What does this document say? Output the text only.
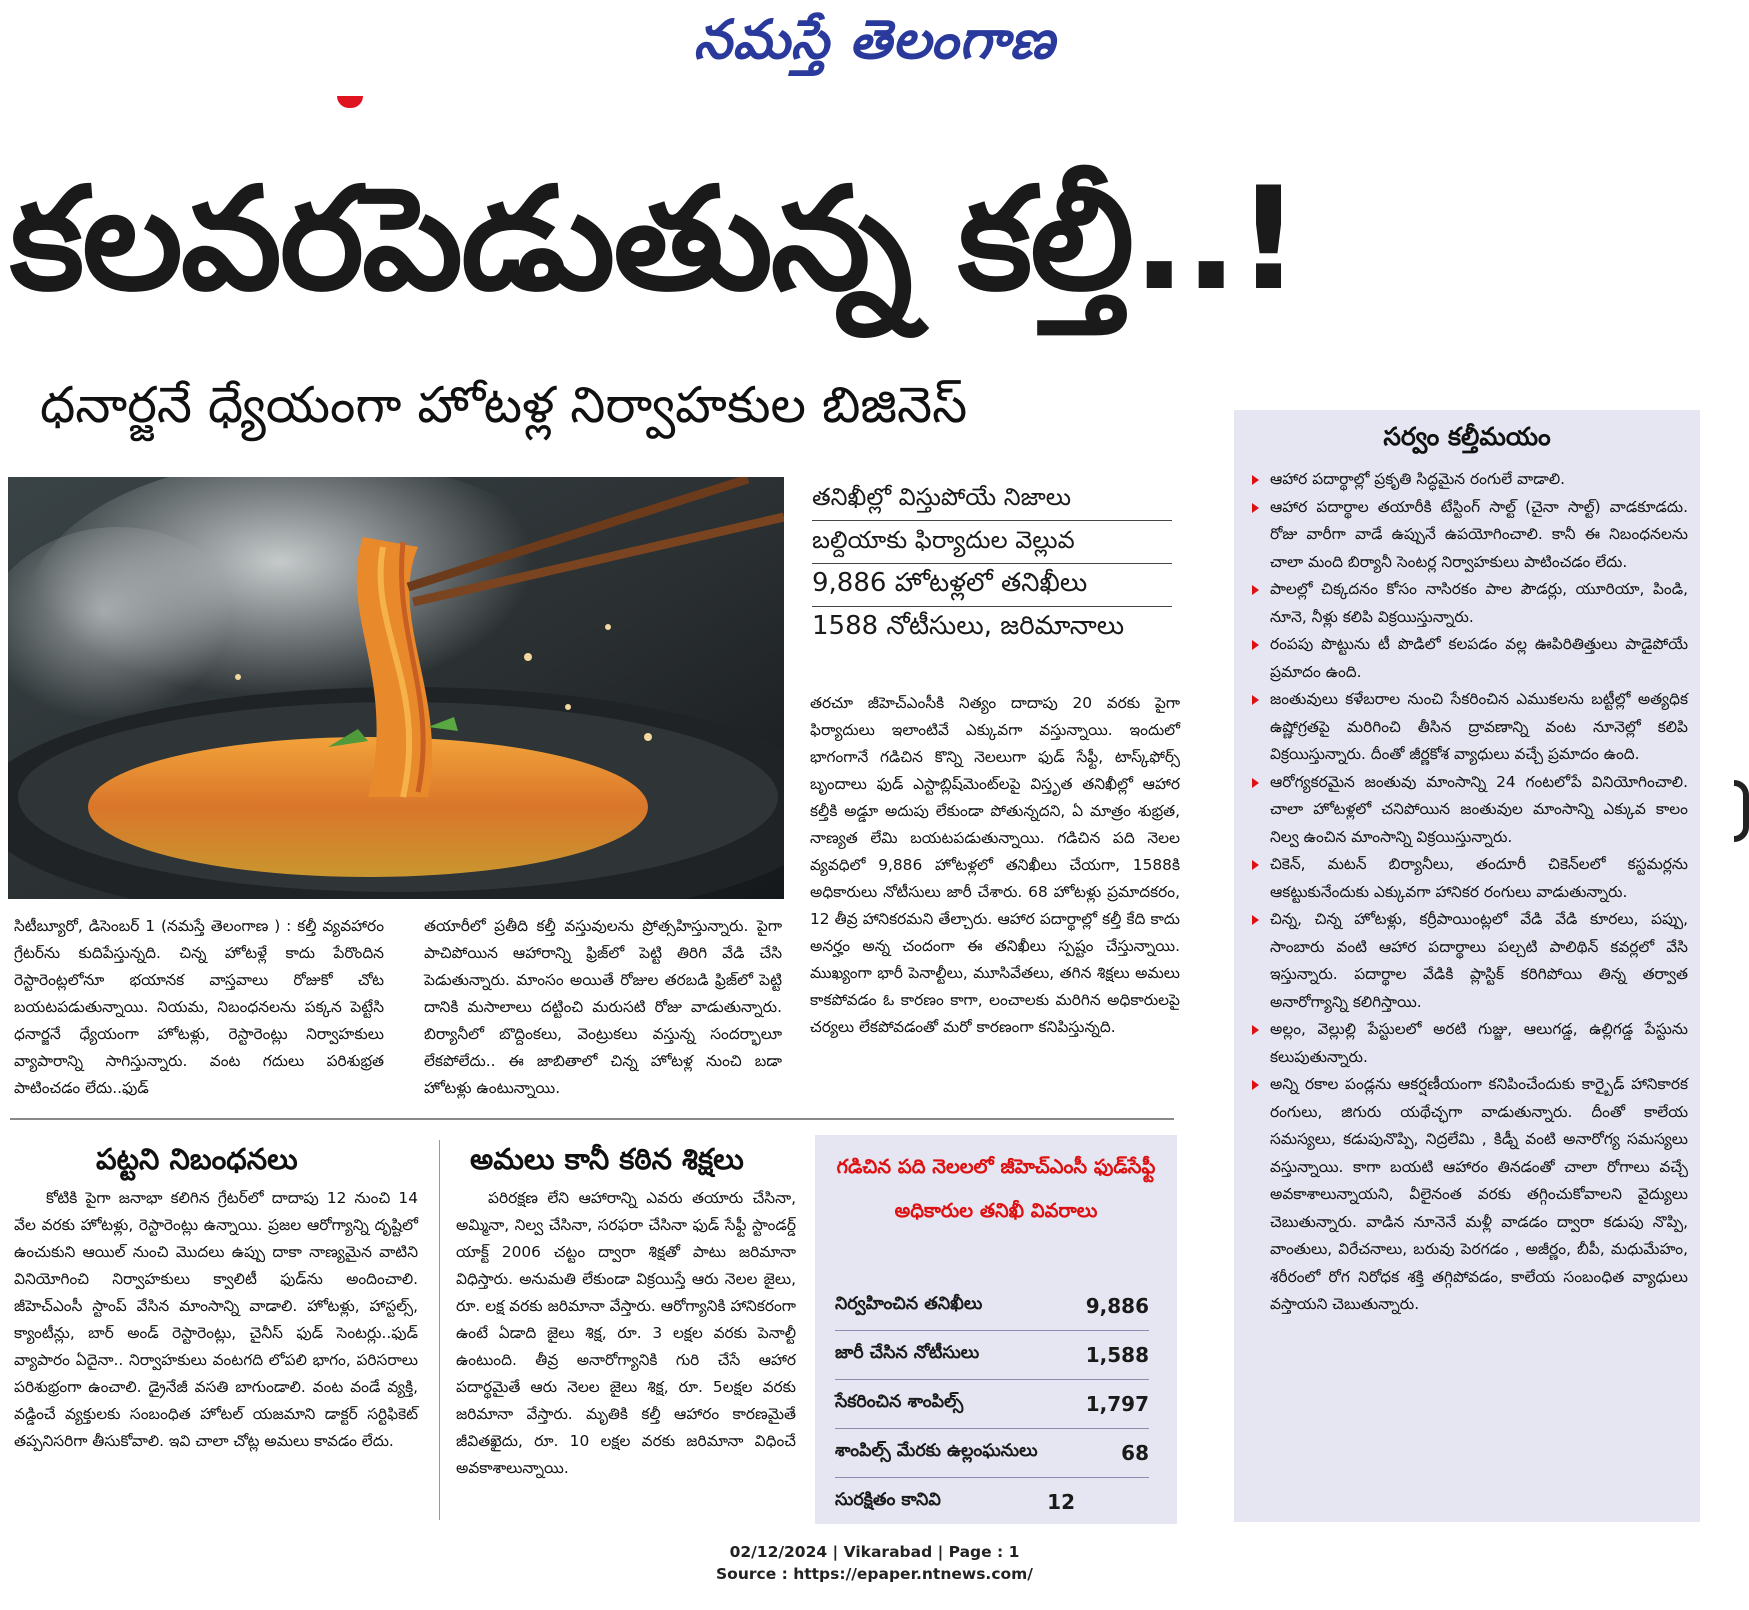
నమస్తే తెలంగాణ
కలవరపెడుతున్న కల్తీ..!
ధనార్జనే ధ్యేయంగా హోటళ్ల నిర్వాహకుల బిజినెస్
తనిఖీల్లో విస్తుపోయే నిజాలు
బల్దియాకు ఫిర్యాదుల వెల్లువ
9,886 హోటళ్లలో తనిఖీలు
1588 నోటీసులు, జరిమానాలు
తరచూ జీహెచ్‌ఎంసీకి నిత్యం దాదాపు 20 వరకు పైగా ఫిర్యాదులు ఇలాంటివే ఎక్కువగా వస్తున్నాయి. ఇందులో భాగంగానే గడిచిన కొన్ని నెలలుగా ఫుడ్ సేఫ్టీ, టాస్క్‌ఫోర్స్ బృందాలు ఫుడ్ ఎస్టాబ్లిష్‌మెంట్‌లపై విస్తృత తనిఖీల్లో ఆహార కల్తీకి అడ్డూ అదుపు లేకుండా పోతున్నదని, ఏ మాత్రం శుభ్రత, నాణ్యత లేమి బయటపడుతున్నాయి. గడిచిన పది నెలల వ్యవధిలో 9,886 హోటళ్లలో తనిఖీలు చేయగా, 1588కి అధికారులు నోటీసులు జారీ చేశారు. 68 హోటళ్లు ప్రమాదకరం, 12 తీవ్ర హానికరమని తేల్చారు. ఆహార పదార్థాల్లో కల్తీ కేది కాదు అనర్హం అన్న చందంగా ఈ తనిఖీలు స్పష్టం చేస్తున్నాయి. ముఖ్యంగా భారీ పెనాల్టీలు, మూసివేతలు, తగిన శిక్షలు అమలు కాకపోవడం ఓ కారణం కాగా, లంచాలకు మరిగిన అధికారులపై చర్యలు లేకపోవడంతో మరో కారణంగా కనిపిస్తున్నది.
సిటీబ్యూరో, డిసెంబర్ 1 (నమస్తే తెలంగాణ ) : కల్తీ వ్యవహారం గ్రేటర్‌ను కుదిపేస్తున్నది. చిన్న హోటళ్లే కాదు పేరొందిన రెస్టారెంట్లలోనూ భయానక వాస్తవాలు రోజుకో చోట బయటపడుతున్నాయి. నియమ, నిబంధనలను పక్కన పెట్టేసి ధనార్జనే ధ్యేయంగా హోటళ్లు, రెస్టారెంట్లు నిర్వాహకులు వ్యాపారాన్ని సాగిస్తున్నారు. వంట గదులు పరిశుభ్రత పాటించడం లేదు..ఫుడ్
తయారీలో ప్రతీది కల్తీ వస్తువులను ప్రోత్సహిస్తున్నారు. పైగా పాచిపోయిన ఆహారాన్ని ఫ్రిజ్‌లో పెట్టి తిరిగి వేడి చేసి పెడుతున్నారు. మాంసం అయితే రోజుల తరబడి ఫ్రిజ్‌లో పెట్టి దానికి మసాలాలు దట్టించి మరుసటి రోజు వాడుతున్నారు. బిర్యానీలో బొద్దింకలు, వెంట్రుకలు వస్తున్న సందర్భాలూ లేకపోలేదు.. ఈ జాబితాలో చిన్న హోటళ్ల నుంచి బడా హోటళ్లు ఉంటున్నాయి.
పట్టని నిబంధనలు
కోటికి పైగా జనాభా కలిగిన గ్రేటర్‌లో దాదాపు 12 నుంచి 14 వేల వరకు హోటళ్లు, రెస్టారెంట్లు ఉన్నాయి. ప్రజల ఆరోగ్యాన్ని దృష్టిలో ఉంచుకుని ఆయిల్ నుంచి మొదలు ఉప్పు దాకా నాణ్యమైన వాటిని వినియోగించి నిర్వాహకులు క్వాలిటీ ఫుడ్‌ను అందించాలి. జీహెచ్‌ఎంసీ స్టాంప్ వేసిన మాంసాన్ని వాడాలి. హోటళ్లు, హాస్టల్స్, క్యాంటీన్లు, బార్ అండ్ రెస్టారెంట్లు, చైనీస్ ఫుడ్ సెంటర్లు..ఫుడ్ వ్యాపారం ఏదైనా.. నిర్వాహకులు వంటగది లోపలి భాగం, పరిసరాలు పరిశుభ్రంగా ఉంచాలి. డ్రైనేజీ వసతి బాగుండాలి. వంట వండే వ్యక్తి, వడ్డించే వ్యక్తులకు సంబంధిత హోటల్ యజమాని డాక్టర్ సర్టిఫికెట్ తప్పనిసరిగా తీసుకోవాలి. ఇవి చాలా చోట్ల అమలు కావడం లేదు.
అమలు కానీ కఠిన శిక్షలు
పరిరక్షణ లేని ఆహారాన్ని ఎవరు తయారు చేసినా, అమ్మినా, నిల్వ చేసినా, సరఫరా చేసినా ఫుడ్ సేఫ్టీ స్టాండర్డ్ యాక్ట్ 2006 చట్టం ద్వారా శిక్షతో పాటు జరిమానా విధిస్తారు. అనుమతి లేకుండా విక్రయిస్తే ఆరు నెలల జైలు, రూ. లక్ష వరకు జరిమానా వేస్తారు. ఆరోగ్యానికి హానికరంగా ఉంటే ఏడాది జైలు శిక్ష, రూ. 3 లక్షల వరకు పెనాల్టీ ఉంటుంది. తీవ్ర అనారోగ్యానికి గురి చేసే ఆహార పదార్థమైతే ఆరు నెలల జైలు శిక్ష, రూ. 5లక్షల వరకు జరిమానా వేస్తారు. మృతికి కల్తీ ఆహారం కారణమైతే జీవితఖైదు, రూ. 10 లక్షల వరకు జరిమానా విధించే అవకాశాలున్నాయి.
గడిచిన పది నెలలలో జీహెచ్‌ఎంసీ ఫుడ్‌సేఫ్టీ అధికారుల తనిఖీ వివరాలు
నిర్వహించిన తనిఖీలు	9,886
జారీ చేసిన నోటీసులు	1,588
సేకరించిన శాంపిల్స్	1,797
శాంపిల్స్ మేరకు ఉల్లంఘనులు	68
సురక్షితం కానివి	12
సర్వం కల్తీమయం
ఆహార పదార్థాల్లో ప్రకృతి సిద్ధమైన రంగులే వాడాలి.
ఆహార పదార్థాల తయారీకి టేస్టింగ్ సాల్ట్ (చైనా సాల్ట్) వాడకూడదు. రోజు వారీగా వాడే ఉప్పునే ఉపయోగించాలి. కానీ ఈ నిబంధనలను చాలా మంది బిర్యానీ సెంటర్ల నిర్వాహకులు పాటించడం లేదు.
పాలల్లో చిక్కదనం కోసం నాసిరకం పాల పౌడర్లు, యూరియా, పిండి, నూనె, నీళ్లు కలిపి విక్రయిస్తున్నారు.
రంపపు పొట్టును టీ పొడిలో కలపడం వల్ల ఊపిరితిత్తులు పాడైపోయే ప్రమాదం ఉంది.
జంతువులు కళేబరాల నుంచి సేకరించిన ఎముకలను బట్టీల్లో అత్యధిక ఉష్ణోగ్రతపై మరిగించి తీసిన ద్రావణాన్ని వంట నూనెల్లో కలిపి విక్రయిస్తున్నారు. దీంతో జీర్ణకోశ వ్యాధులు వచ్చే ప్రమాదం ఉంది.
ఆరోగ్యకరమైన జంతువు మాంసాన్ని 24 గంటలోపే వినియోగించాలి. చాలా హోటళ్లలో చనిపోయిన జంతువుల మాంసాన్ని ఎక్కువ కాలం నిల్వ ఉంచిన మాంసాన్ని విక్రయిస్తున్నారు.
చికెన్, మటన్ బిర్యానీలు, తందూరీ చికెన్‌లలో కస్టమర్లను ఆకట్టుకునేందుకు ఎక్కువగా హానికర రంగులు వాడుతున్నారు.
చిన్న, చిన్న హోటళ్లు, కర్రీపాయింట్లలో వేడి వేడి కూరలు, పప్పు, సాంబారు వంటి ఆహార పదార్థాలు పల్చటి పాలిథిన్ కవర్లలో వేసి ఇస్తున్నారు. పదార్థాల వేడికి ప్లాస్టిక్ కరిగిపోయి తిన్న తర్వాత అనారోగ్యాన్ని కలిగిస్తాయి.
అల్లం, వెల్లుల్లి పేస్టులలో అరటి గుజ్జు, ఆలుగడ్డ, ఉల్లిగడ్డ పేస్టును కలుపుతున్నారు.
అన్ని రకాల పండ్లను ఆకర్షణీయంగా కనిపించేందుకు కార్బైడ్ హానికారక రంగులు, జిగురు యథేచ్ఛగా వాడుతున్నారు. దీంతో కాలేయ సమస్యలు, కడుపునొప్పి, నిద్రలేమి , కిడ్నీ వంటి అనారోగ్య సమస్యలు వస్తున్నాయి. కాగా బయటి ఆహారం తినడంతో చాలా రోగాలు వచ్చే అవకాశాలున్నాయని, వీలైనంత వరకు తగ్గించుకోవాలని వైద్యులు చెబుతున్నారు. వాడిన నూనెనే మళ్లీ వాడడం ద్వారా కడుపు నొప్పి, వాంతులు, విరేచనాలు, బరువు పెరగడం , అజీర్ణం, బీపీ, మధుమేహం, శరీరంలో రోగ నిరోధక శక్తి తగ్గిపోవడం, కాలేయ సంబంధిత వ్యాధులు వస్తాయని చెబుతున్నారు.
02/12/2024 | Vikarabad | Page : 1
Source : https://epaper.ntnews.com/
